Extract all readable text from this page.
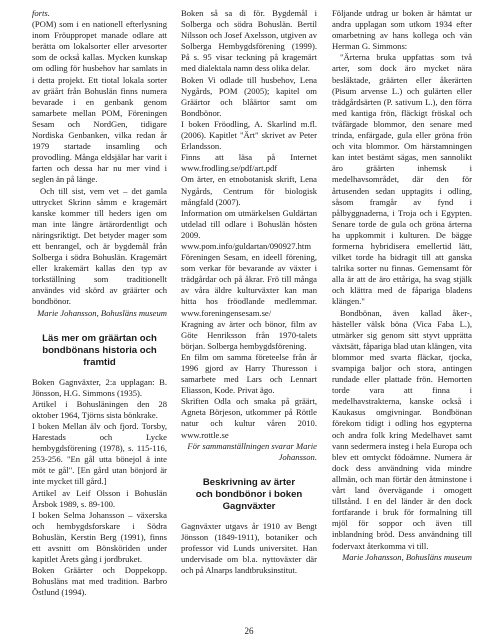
forts.

(POM) som i en nationell efterlysning inom Fröuppropet manade odlare att berätta om lokalsorter eller arvesorter som de också kallas. Mycken kunskap om odling för husbehov har samlats in i detta projekt. Ett tiotal lokala sorter av gräårt från Bohuslän finns numera bevarade i en genbank genom samarbete mellan POM, Föreningen Sesam och NordGen, tidigare Nordiska Genbanken, vilka redan år 1979 startade insamling och provodling. Många eldsjälar har varit i farten och dessa har nu mer vind i seglen än på länge.

Och till sist, vem vet – det gamla uttrycket Skrinn såmm e kragemärt kanske kommer till heders igen om man inte längre ärtärordentligt och näringsriktigt. Det betyder mager som ett benrangel, och är bygdemål från Solberga i södra Bohuslän. Kragemärt eller krakemärt kallas den typ av torkställning som traditionellt användes vid skörd av gräärter och bondbönor.

Marie Johansson, Bohusläns museum

Läs mer om gräärtan och

bondbönans historia och

framtid

Boken Gagnväxter, 2:a upplagan: B. Jönsson, H.G. Simmons (1935).

Artikel i Bohusläningen den 28 oktober 1964, Tjörns sista bönkrake.

I boken Mellan älv och fjord. Torsby, Harestads och Lycke hembygdsförening (1978), s. 115-116, 253-256. "En gål utta bönejol ä inte möt te gål". [En gård utan bönjord är inte mycket till gård.]

Artikel av Leif Olsson i Bohuslän Årsbok 1989, s. 89-100.

I boken Selma Johansson – växerska och hembygdsforskare i Södra Bohuslän, Kerstin Berg (1991), finns ett avsnitt om Bönsköriden under kapitlet Årets gång i jordbruket.

Boken Gräärter och Doppekopp. Bohusläns mat med tradition. Barbro Östlund (1994).

Boken så sa di för. Bygdemål i Solberga och södra Bohuslän. Bertil Nilsson och Josef Axelsson, utgiven av Solberga Hembygdsförening (1999). På s. 95 visar teckning på kragemärt med dialektala namn dess olika delar.

Boken Vi odlade till husbehov, Lena Nygårds, POM (2005); kapitel om Gräärtor och blåärtor samt om Bondbönor.

I boken Fröodling, A. Skarlind m.fl. (2006). Kapitlet "Ärt" skrivet av Peter Erlandsson.

Finns att läsa på Internet www.frodling.se/pdf/art.pdf

Om ärter, en etnobotanisk skrift, Lena Nygårds, Centrum för biologisk mångfald (2007).

Information om utmärkelsen Guldärtan utdelad till odlare i Bohuslän hösten 2009. www.pom.info/guldartan/090927.htm

Föreningen Sesam, en ideell förening, som verkar för bevarande av växter i trädgårdar och på åkrar. Frö till många av våra äldre kulturväxter kan man hitta hos fröodlande medlemmar. www.foreningensesam.se/

Kragning av ärter och bönor, film av Göte Henriksson från 1970-talets början. Solberga hembygdsförening.

En film om samma företeelse från år 1996 gjord av Harry Thuresson i samarbete med Lars och Lennart Eliasson, Kode. Privat ägo.

Skriften Odla och smaka på gräärt, Agneta Börjeson, utkommer på Röttle natur och kultur våren 2010. www.rottle.se

För sammanställningen svarar Marie Johansson.

Beskrivning av ärter

och bondbönor i boken

Gagnväxter

Gagnväxter utgavs år 1910 av Bengt Jönsson (1849-1911), botaniker och professor vid Lunds universitet. Han undervisade om bl.a. nyttoväxter där och på Alnarps landtbruksinstitut.

Följande utdrag ur boken är hämtat ur andra upplagan som utkom 1934 efter omarbetning av hans kollega och vän Herman G. Simmons:

"Ärterna bruka uppfattas som två arter, som dock äro mycket nära besläktade, gräärten eller åkerärten (Pisum arvense L.) och gulärten eller trädgårdsärten (P. sativum L.), den förra med kantiga frön, fläckigt fröskal och tvåfärgade blommor, den senare med trinda, enfärgade, gula eller gröna frön och vita blommor. Om härstamningen kan intet bestämt sägas, men sannolikt äro gräärten inhemsk i medelhavsområdet, där den för årtusenden sedan upptagits i odling, såsom framgår av fynd i pålbyggnaderna, i Troja och i Egypten. Senare torde de gula och gröna ärterna ha uppkommit i kulturen. De bägge formerna hybridisera emellertid lätt, vilket torde ha bidragit till att ganska talrika sorter nu finnas. Gemensamt för alla är att de äro ettåriga, ha svag stjälk och klättra med de fåpariga bladens klängen."

Bondbönan, även kallad åker-, hästeller välsk böna (Vica Faba L.), utmärker sig genom sitt styvt upprätta växtsätt, fåpariga blad utan klängen, vita blommor med svarta fläckar, tjocka, svampiga baljor och stora, antingen rundade eller plattade frön. Hemorten torde vara att finna i medelhavstrakterna, kanske också i Kaukasus omgivningar. Bondbönan förekom tidigt i odling hos egypterna och andra folk kring Medelhavet samt vann sedermera insteg i hela Europa och blev ett omtyckt födoämne. Numera är dock dess användning vida mindre allmän, och man förtär den åtminstone i vårt land övervägande i omogett tillstånd. I en del länder är den dock fortfarande i bruk för formalning till mjöl för soppor och även till inblandning bröd. Dess användning till fodervaxt återkomma vi till.

Marie Johansson, Bohusläns museum

26
